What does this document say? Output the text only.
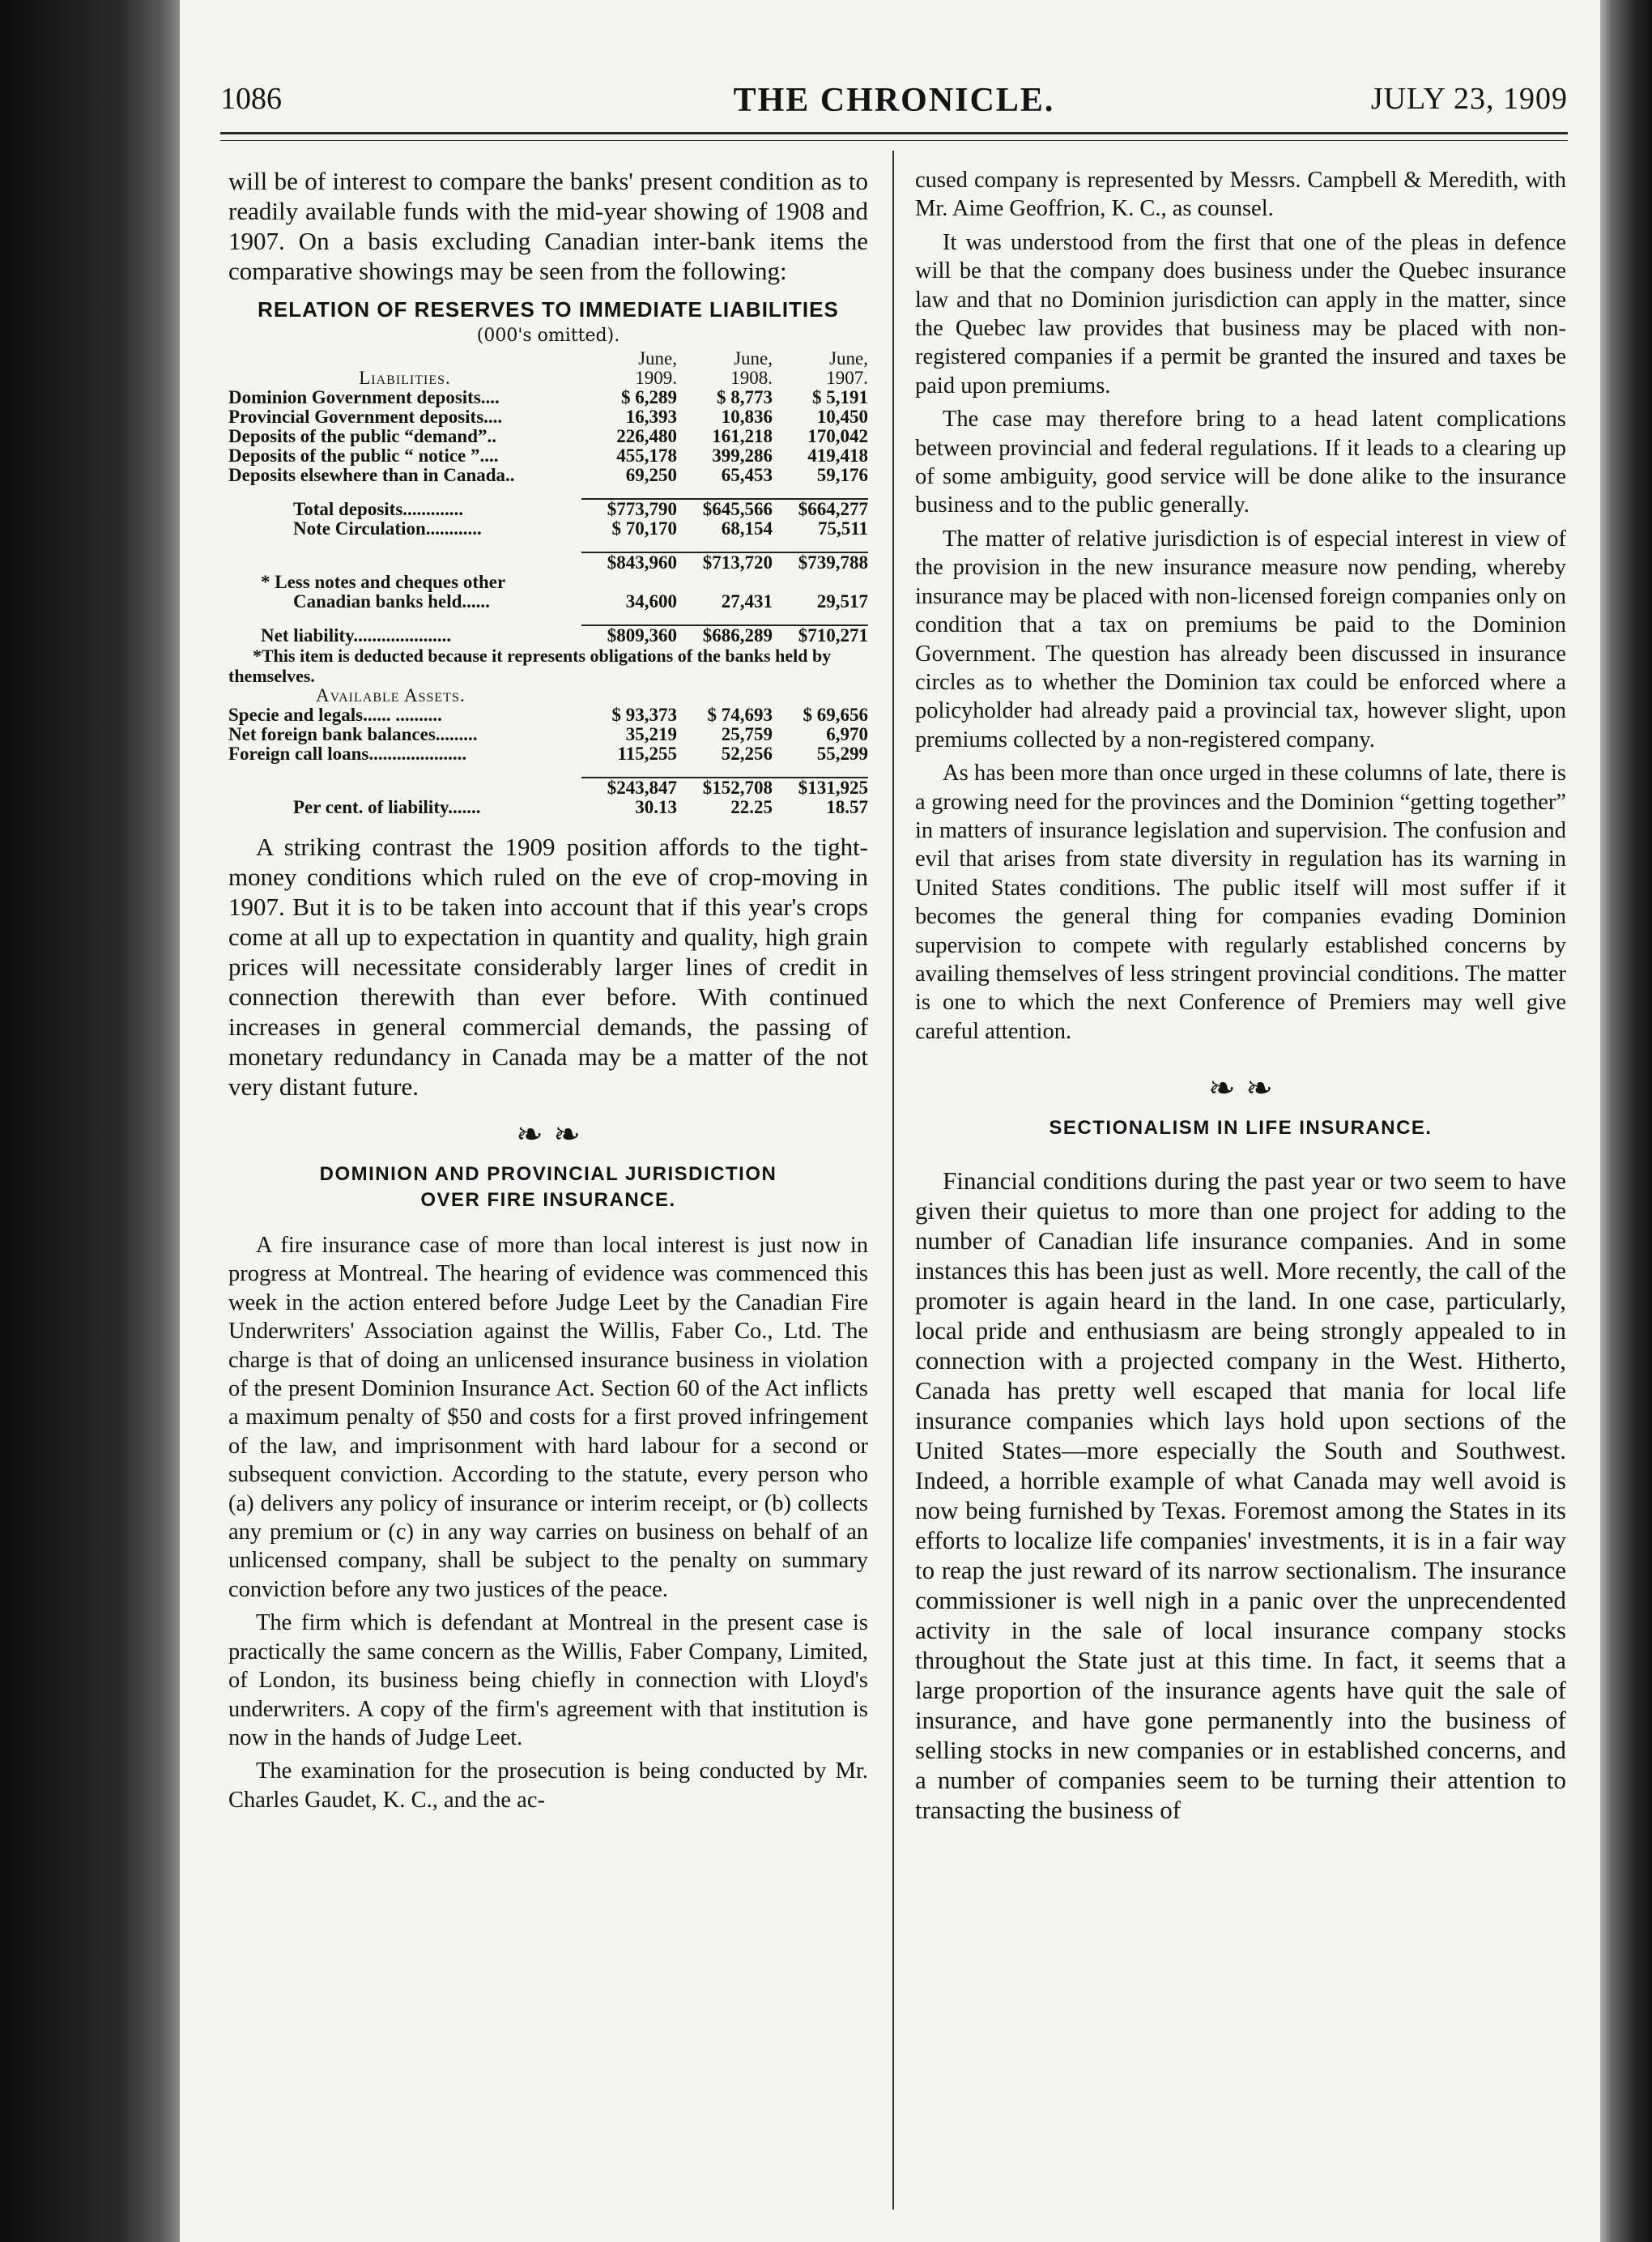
1086	THE CHRONICLE.	JULY 23, 1909

will be of interest to compare the banks' present condition as to readily available funds with the mid-year showing of 1908 and 1907. On a basis excluding Canadian inter-bank items the comparative showings may be seen from the following:

RELATION OF RESERVES TO IMMEDIATE LIABILITIES
(000's omitted).
	June,	June,	June,
Liabilities.	1909.	1908.	1907.
Dominion Government deposits....	$ 6,289	$ 8,773	$ 5,191
Provincial Government deposits....	16,393	10,836	10,450
Deposits of the public “demand”..	226,480	161,218	170,042
Deposits of the public “ notice ”....	455,178	399,286	419,418
Deposits elsewhere than in Canada..	69,250	65,453	59,176

Total deposits.............	$773,790	$645,566	$664,277
Note Circulation............	$ 70,170	68,154	75,511

	$843,960	$713,720	$739,788
* Less notes and cheques other			
Canadian banks held......	34,600	27,431	29,517

Net liability.....................	$809,360	$686,289	$710,271
*This item is deducted because it represents obligations of the banks held by themselves.
Available Assets.			
Specie and legals...... ..........	$ 93,373	$ 74,693	$ 69,656
Net foreign bank balances.........	35,219	25,759	6,970
Foreign call loans.....................	115,255	52,256	55,299

	$243,847	$152,708	$131,925
Per cent. of liability.......	30.13	22.25	18.57

A striking contrast the 1909 position affords to the tight-money conditions which ruled on the eve of crop-moving in 1907. But it is to be taken into account that if this year's crops come at all up to expectation in quantity and quality, high grain prices will necessitate considerably larger lines of credit in connection therewith than ever before. With continued increases in general commercial demands, the passing of monetary redundancy in Canada may be a matter of the not very distant future.

❧ ❧
DOMINION AND PROVINCIAL JURISDICTION
OVER FIRE INSURANCE.

A fire insurance case of more than local interest is just now in progress at Montreal. The hearing of evidence was commenced this week in the action entered before Judge Leet by the Canadian Fire Underwriters' Association against the Willis, Faber Co., Ltd. The charge is that of doing an unlicensed insurance business in violation of the present Dominion Insurance Act. Section 60 of the Act inflicts a maximum penalty of $50 and costs for a first proved infringement of the law, and imprisonment with hard labour for a second or subsequent conviction. According to the statute, every person who (a) delivers any policy of insurance or interim receipt, or (b) collects any premium or (c) in any way carries on business on behalf of an unlicensed company, shall be subject to the penalty on summary conviction before any two justices of the peace.

The firm which is defendant at Montreal in the present case is practically the same concern as the Willis, Faber Company, Limited, of London, its business being chiefly in connection with Lloyd's underwriters. A copy of the firm's agreement with that institution is now in the hands of Judge Leet.

The examination for the prosecution is being conducted by Mr. Charles Gaudet, K. C., and the ac-

cused company is represented by Messrs. Campbell & Meredith, with Mr. Aime Geoffrion, K. C., as counsel.

It was understood from the first that one of the pleas in defence will be that the company does business under the Quebec insurance law and that no Dominion jurisdiction can apply in the matter, since the Quebec law provides that business may be placed with non-registered companies if a permit be granted the insured and taxes be paid upon premiums.

The case may therefore bring to a head latent complications between provincial and federal regulations. If it leads to a clearing up of some ambiguity, good service will be done alike to the insurance business and to the public generally.

The matter of relative jurisdiction is of especial interest in view of the provision in the new insurance measure now pending, whereby insurance may be placed with non-licensed foreign companies only on condition that a tax on premiums be paid to the Dominion Government. The question has already been discussed in insurance circles as to whether the Dominion tax could be enforced where a policyholder had already paid a provincial tax, however slight, upon premiums collected by a non-registered company.

As has been more than once urged in these columns of late, there is a growing need for the provinces and the Dominion “getting together” in matters of insurance legislation and supervision. The confusion and evil that arises from state diversity in regulation has its warning in United States conditions. The public itself will most suffer if it becomes the general thing for companies evading Dominion supervision to compete with regularly established concerns by availing themselves of less stringent provincial conditions. The matter is one to which the next Conference of Premiers may well give careful attention.

❧ ❧
SECTIONALISM IN LIFE INSURANCE.

Financial conditions during the past year or two seem to have given their quietus to more than one project for adding to the number of Canadian life insurance companies. And in some instances this has been just as well. More recently, the call of the promoter is again heard in the land. In one case, particularly, local pride and enthusiasm are being strongly appealed to in connection with a projected company in the West. Hitherto, Canada has pretty well escaped that mania for local life insurance companies which lays hold upon sections of the United States—more especially the South and Southwest. Indeed, a horrible example of what Canada may well avoid is now being furnished by Texas. Foremost among the States in its efforts to localize life companies' investments, it is in a fair way to reap the just reward of its narrow sectionalism. The insurance commissioner is well nigh in a panic over the unprecendented activity in the sale of local insurance company stocks throughout the State just at this time. In fact, it seems that a large proportion of the insurance agents have quit the sale of insurance, and have gone permanently into the business of selling stocks in new companies or in established concerns, and a number of companies seem to be turning their attention to transacting the business of
